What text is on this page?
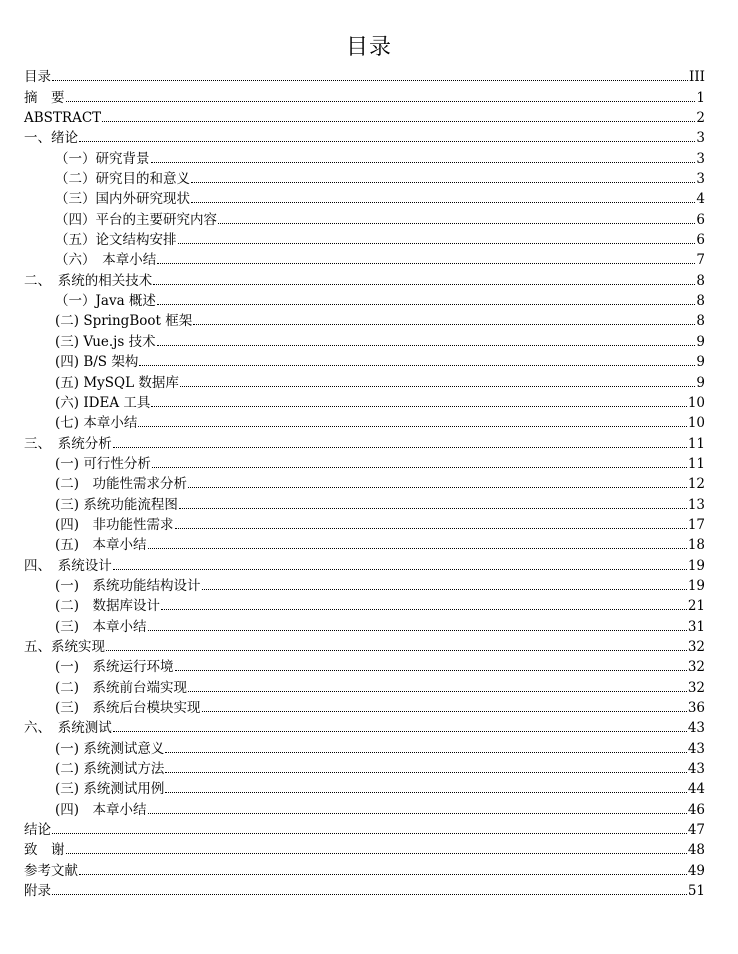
目录
目录	III
摘　要	1
ABSTRACT	2
一、绪论	3
（一）研究背景	3
（二）研究目的和意义	3
（三）国内外研究现状	4
（四）平台的主要研究内容	6
（五）论文结构安排	6
（六）　本章小结	7
二、　系统的相关技术	8
（一）Java 概述	8
(二) SpringBoot 框架	8
(三) Vue.js 技术	9
(四) B/S 架构	9
(五) MySQL 数据库	9
(六) IDEA 工具	10
(七) 本章小结	10
三、　系统分析	11
(一) 可行性分析	11
(二)　功能性需求分析	12
(三) 系统功能流程图	13
(四)　非功能性需求	17
(五)　本章小结	18
四、　系统设计	19
(一)　系统功能结构设计	19
(二)　数据库设计	21
(三)　本章小结	31
五、系统实现	32
(一)　系统运行环境	32
(二)　系统前台端实现	32
(三)　系统后台模块实现	36
六、　系统测试	43
(一) 系统测试意义	43
(二) 系统测试方法	43
(三) 系统测试用例	44
(四)　本章小结	46
结论	47
致　谢	48
参考文献	49
附录	51
